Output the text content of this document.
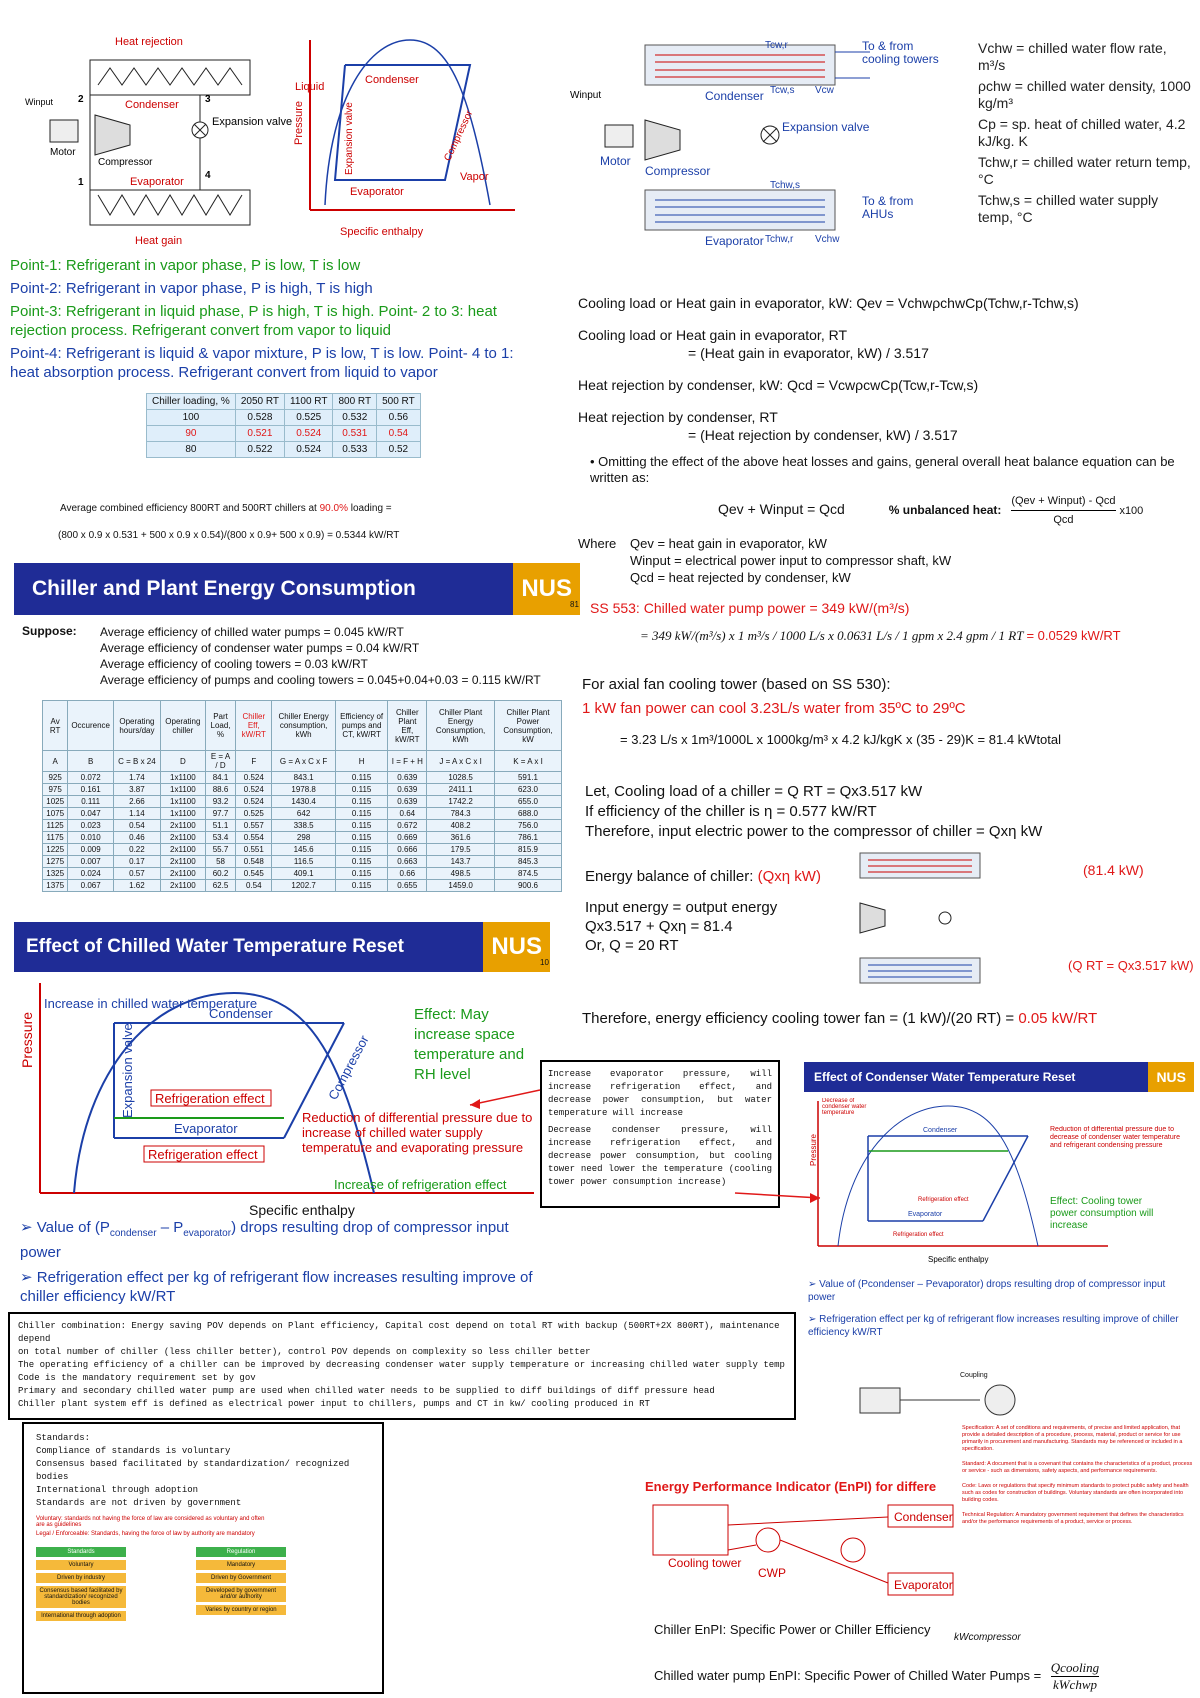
Heat rejection
Condenser
Evaporator
Heat gain
Motor
Winput
Compressor
Expansion valve
2	3
4
1
Pressure
Specific enthalpy
Liquid
Vapor
Condenser
Evaporator
Expansion valve	Compressor
Point-1: Refrigerant in vapor phase, P is low, T is low
Point-2: Refrigerant in vapor phase, P is high, T is high
Point-3: Refrigerant in liquid phase, P is high, T is high. Point- 2 to 3: heat rejection process. Refrigerant convert from vapor to liquid
Point-4: Refrigerant is liquid & vapor mixture, P is low, T is low. Point- 4 to 1: heat absorption process. Refrigerant convert from liquid to vapor
Chiller loading, %	2050 RT	1100 RT	800 RT	500 RT
100	0.528	0.525	0.532	0.56
90	0.521	0.524	0.531	0.54
80	0.522	0.524	0.533	0.52
Average combined efficiency 800RT and 500RT chillers at 90.0% loading =
(800 x 0.9 x 0.531 + 500 x 0.9 x 0.54)/(800 x 0.9+ 500 x 0.9) = 0.5344 kW/RT
Chiller and Plant Energy Consumption	NUS
81
Suppose: Average efficiency of chilled water pumps = 0.045 kW/RT
Average efficiency of condenser water pumps = 0.04 kW/RT
Average efficiency of cooling towers = 0.03 kW/RT
Average efficiency of pumps and cooling towers = 0.045+0.04+0.03 = 0.115 kW/RT
Av RT	Occurence	Operating hours/day	Operating chiller	Part Load, %	Chiller Eff, kW/RT	Chiller Energy consumption, kWh	Efficiency of pumps and CT, kW/RT	Chiller Plant Eff, kW/RT	Chiller Plant Energy Consumption, kWh	Chiller Plant Power Consumption, kW
A	B	C = B x 24	D	E = A / D	F	G = A x C x F	H	I = F + H	J = A x C x I	K = A x I
925	0.072	1.74	1x1100	84.1	0.524	843.1	0.115	0.639	1028.5	591.1
975	0.161	3.87	1x1100	88.6	0.524	1978.8	0.115	0.639	2411.1	623.0
1025	0.111	2.66	1x1100	93.2	0.524	1430.4	0.115	0.639	1742.2	655.0
1075	0.047	1.14	1x1100	97.7	0.525	642	0.115	0.64	784.3	688.0
1125	0.023	0.54	2x1100	51.1	0.557	338.5	0.115	0.672	408.2	756.0
1175	0.010	0.46	2x1100	53.4	0.554	298	0.115	0.669	361.6	786.1
1225	0.009	0.22	2x1100	55.7	0.551	145.6	0.115	0.666	179.5	815.9
1275	0.007	0.17	2x1100	58	0.548	116.5	0.115	0.663	143.7	845.3
1325	0.024	0.57	2x1100	60.2	0.545	409.1	0.115	0.66	498.5	874.5
1375	0.067	1.62	2x1100	62.5	0.54	1202.7	0.115	0.655	1459.0	900.6
Effect of Chilled Water Temperature Reset	NUS
10
Pressure
Specific enthalpy
Increase in chilled water temperature
Condenser
Expansion valve Refrigeration effect
Evaporator
Refrigeration effect
Compressor
Reduction of differential pressure due to increase of chilled water supply temperature and evaporating pressure
Increase of refrigeration effect
Effect: May increase space temperature and RH level
➢ Value of $(P_{condenser} - P_{evaporator})$ drops resulting drop of compressor input power
➢ Refrigeration effect per kg of refrigerant flow increases resulting improve of chiller efficiency kW/RT
Increase evaporator pressure, will increase refrigeration effect, and decrease power consumption, but water temperature will increase
Decrease condenser pressure, will increase refrigeration effect, and decrease power consumption, but cooling tower need lower the temperature (cooling tower power consumption increase)
Chiller combination: Energy saving POV depends on Plant efficiency, Capital cost depend on total RT with backup (500RT+2X 800RT), maintenance depend
on total number of chiller (less chiller better), control POV depends on complexity so less chiller better
The operating efficiency of a chiller can be improved by decreasing condenser water supply temperature or increasing chilled water supply temp
Code is the mandatory requirement set by gov
Primary and secondary chilled water pump are used when chilled water needs to be supplied to diff buildings of diff pressure head
Chiller plant system eff is defined as electrical power input to chillers, pumps and CT in kw/ cooling produced in RT
Standards:
Compliance of standards is voluntary
Consensus based facilitated by standardization/ recognized bodies
International through adoption
Standards are not driven by government
Voluntary: standards not having the force of law are considered as voluntary and often are as guidelines
Legal / Enforceable: Standards, having the force of law by authority are mandatory
Standards
Voluntary
Driven by industry
Consensus based facilitated by standardization/ recognized bodies
International through adoption
Regulation
Mandatory
Driven by Government
Developed by government and/or authority
Varies by country or region
Condenser
Tcw,r
Tcw,s Vcw
To & from cooling towers
Winput
Motor
Compressor
Expansion valve
Evaporator
Tchw,s
Tchw,r Vchw
To & from AHUs
Vchw = chilled water flow rate, m³/s
ρchw = chilled water density, 1000 kg/m³
Cp = sp. heat of chilled water, 4.2 kJ/kg. K
Tchw,r = chilled water return temp, °C
Tchw,s = chilled water supply temp, °C
Cooling load or Heat gain in evaporator, kW: Qev = VchwρchwCp(Tchw,r-Tchw,s)
Cooling load or Heat gain in evaporator, RT
= (Heat gain in evaporator, kW) / 3.517
Heat rejection by condenser, kW: Qcd = VcwρcwCp(Tcw,r-Tcw,s)
Heat rejection by condenser, RT
= (Heat rejection by condenser, kW) / 3.517
• Omitting the effect of the above heat losses and gains, general overall heat balance equation can be written as:
Qev + Winput = Qcd	% unbalanced heat:
(Qev + Winput) - Qcd
Qcd
x100
Where Qev = heat gain in evaporator, kW
Winput = electrical power input to compressor shaft, kW
Qcd = heat rejected by condenser, kW
SS 553: Chilled water pump power = 349 kW/(m³/s)
= 349 kW/(m³/s) x 1 m³/s / 1000 L/s x 0.0631 L/s / 1 gpm x 2.4 gpm / 1 RT = 0.0529 kW/RT
For axial fan cooling tower (based on SS 530):
1 kW fan power can cool 3.23L/s water from 35ºC to 29ºC
= 3.23 L/s x 1m³/1000L x 1000kg/m³ x 4.2 kJ/kgK x (35 - 29)K = 81.4 kWtotal
Let, Cooling load of a chiller = Q RT = Qx3.517 kW
If efficiency of the chiller is η = 0.577 kW/RT
Therefore, input electric power to the compressor of chiller = Qxη kW
Energy balance of chiller: (Qxη kW)	(81.4 kW)
(Q RT = Qx3.517 kW)
Input energy = output energy
Qx3.517 + Qxη = 81.4
Or, Q = 20 RT
Therefore, energy efficiency cooling tower fan = (1 kW)/(20 RT) = 0.05 kW/RT
Effect of Condenser Water Temperature Reset	NUS
Pressure
Specific enthalpy
Decrease of condenser water temperature
Condenser
Refrigeration effect
Evaporator
Refrigeration effect
Reduction of differential pressure due to decrease of condenser water temperature and refrigerant condensing pressure
Effect: Cooling tower power consumption will increase
➢ Value of (Pcondenser – Pevaporator) drops resulting drop of compressor input power
➢ Refrigeration effect per kg of refrigerant flow increases resulting improve of chiller efficiency kW/RT
Coupling
Energy Performance Indicator (EnPI) for differe
Cooling tower
CWP
Condenser
Evaporator
Chiller EnPI: Specific Power or Chiller Efficiency
kWcompressor
Chilled water pump EnPI: Specific Power of Chilled Water Pumps =
Qcooling
kWchwp
Specification: A set of conditions and requirements, of precise and limited application, that provide a detailed description of a procedure, process, material, product or service for use primarily in procurement and manufacturing. Standards may be referenced or included in a specification.
Standard: A document that is a covenant that contains the characteristics of a product, process or service - such as dimensions, safety aspects, and performance requirements.
Code: Laws or regulations that specify minimum standards to protect public safety and health such as codes for construction of buildings. Voluntary standards are often incorporated into building codes.
Technical Regulation: A mandatory government requirement that defines the characteristics and/or the performance requirements of a product, service or process.
